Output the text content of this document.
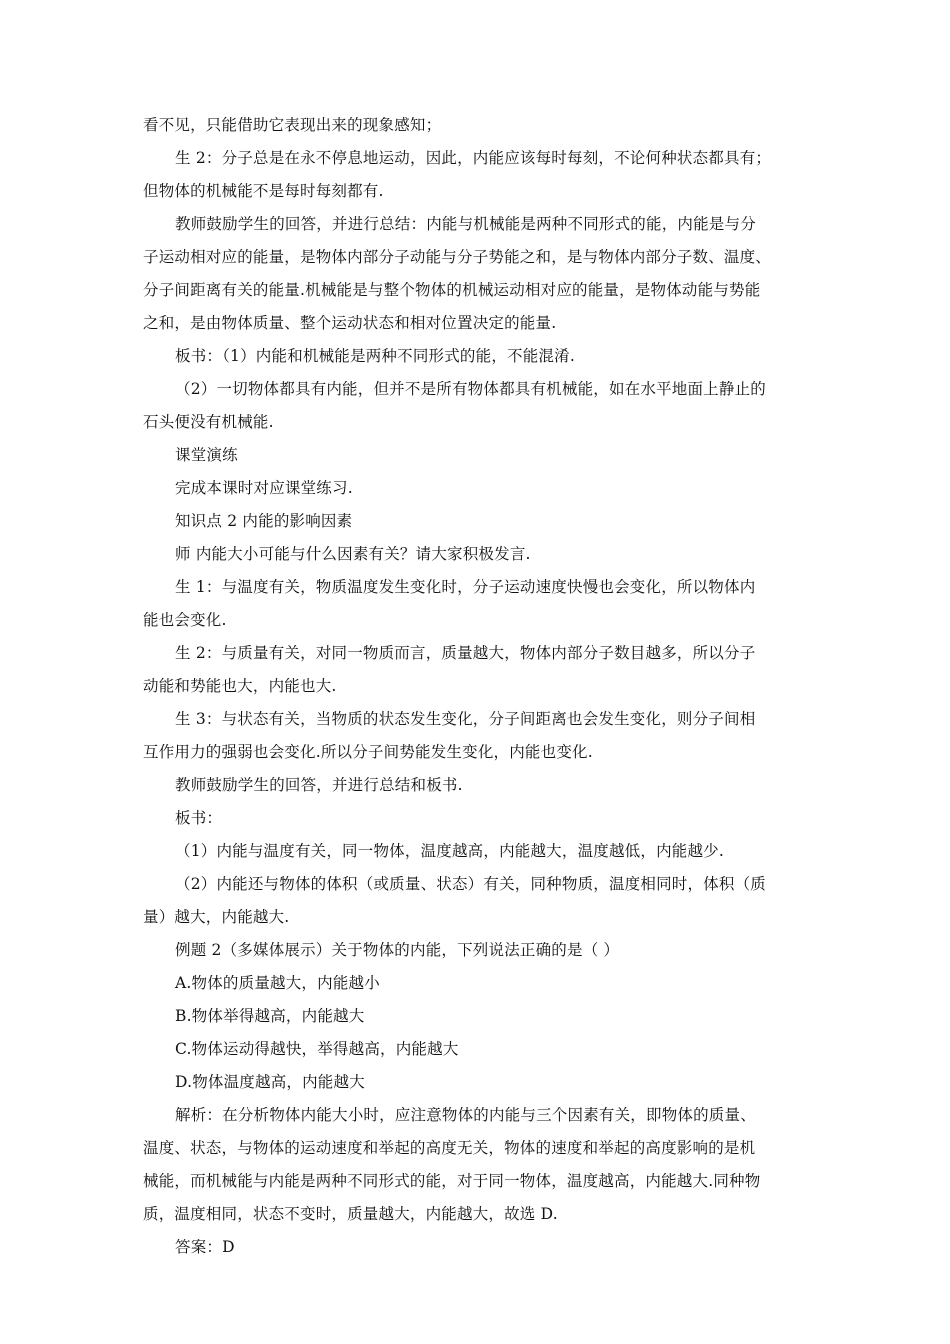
看不见，只能借助它表现出来的现象感知；
生 2：分子总是在永不停息地运动，因此，内能应该每时每刻，不论何种状态都具有；
但物体的机械能不是每时每刻都有.
教师鼓励学生的回答，并进行总结：内能与机械能是两种不同形式的能，内能是与分
子运动相对应的能量，是物体内部分子动能与分子势能之和，是与物体内部分子数、温度、
分子间距离有关的能量.机械能是与整个物体的机械运动相对应的能量，是物体动能与势能
之和，是由物体质量、整个运动状态和相对位置决定的能量.
板书：（1）内能和机械能是两种不同形式的能，不能混淆.
（2）一切物体都具有内能，但并不是所有物体都具有机械能，如在水平地面上静止的
石头便没有机械能.
课堂演练
完成本课时对应课堂练习.
知识点 2 内能的影响因素
师 内能大小可能与什么因素有关？请大家积极发言.
生 1：与温度有关，物质温度发生变化时，分子运动速度快慢也会变化，所以物体内
能也会变化.
生 2：与质量有关，对同一物质而言，质量越大，物体内部分子数目越多，所以分子
动能和势能也大，内能也大.
生 3：与状态有关，当物质的状态发生变化，分子间距离也会发生变化，则分子间相
互作用力的强弱也会变化.所以分子间势能发生变化，内能也变化.
教师鼓励学生的回答，并进行总结和板书.
板书：
（1）内能与温度有关，同一物体，温度越高，内能越大，温度越低，内能越少.
（2）内能还与物体的体积（或质量、状态）有关，同种物质，温度相同时，体积（质
量）越大，内能越大.
例题 2（多媒体展示）关于物体的内能，下列说法正确的是（ ）
A.物体的质量越大，内能越小
B.物体举得越高，内能越大
C.物体运动得越快，举得越高，内能越大
D.物体温度越高，内能越大
解析：在分析物体内能大小时，应注意物体的内能与三个因素有关，即物体的质量、
温度、状态，与物体的运动速度和举起的高度无关，物体的速度和举起的高度影响的是机
械能，而机械能与内能是两种不同形式的能，对于同一物体，温度越高，内能越大.同种物
质，温度相同，状态不变时，质量越大，内能越大，故选 D.
答案：D
